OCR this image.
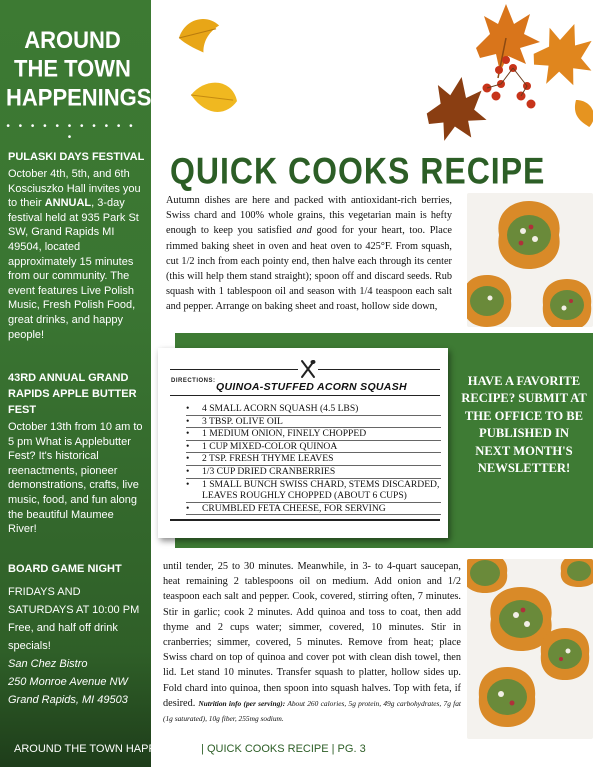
AROUND THE TOWN HAPPENINGS
• • • • • • • • • • • •
PULASKI DAYS FESTIVAL
October 4th, 5th, and 6th Kosciuszko Hall invites you to their ANNUAL, 3-day festival held at 935 Park St SW, Grand Rapids MI 49504, located approximately 15 minutes from our community. The event features Live Polish Music, Fresh Polish Food, great drinks, and happy people!
43RD ANNUAL GRAND RAPIDS APPLE BUTTER FEST
October 13th from 10 am to 5 pm What is Applebutter Fest? It's historical reenactments, pioneer demonstrations, crafts, live music, food, and fun along the beautiful Maumee River!
BOARD GAME NIGHT
FRIDAYS AND SATURDAYS AT 10:00 PM Free, and half off drink specials!
San Chez Bistro
250 Monroe Avenue NW
Grand Rapids, MI 49503
QUICK COOKS RECIPE
Autumn dishes are here and packed with antioxidant-rich berries, Swiss chard and 100% whole grains, this vegetarian main is hefty enough to keep you satisfied and good for your heart, too. Place rimmed baking sheet in oven and heat oven to 425°F. From squash, cut 1/2 inch from each pointy end, then halve each through its center (this will help them stand straight); spoon off and discard seeds. Rub squash with 1 tablespoon oil and season with 1/4 teaspoon each salt and pepper. Arrange on baking sheet and roast, hollow side down,
DIRECTIONS: QUINOA-STUFFED ACORN SQUASH
• 4 SMALL ACORN SQUASH (4.5 LBS)
• 3 TBSP. OLIVE OIL
• 1 MEDIUM ONION, FINELY CHOPPED
• 1 CUP MIXED-COLOR QUINOA
• 2 TSP. FRESH THYME LEAVES
• 1/3 CUP DRIED CRANBERRIES
• 1 SMALL BUNCH SWISS CHARD, STEMS DISCARDED, LEAVES ROUGHLY CHOPPED (ABOUT 6 CUPS)
• CRUMBLED FETA CHEESE, FOR SERVING
HAVE A FAVORITE RECIPE? SUBMIT AT THE OFFICE TO BE PUBLISHED IN NEXT MONTH'S NEWSLETTER!
until tender, 25 to 30 minutes. Meanwhile, in 3- to 4-quart saucepan, heat remaining 2 tablespoons oil on medium. Add onion and 1/2 teaspoon each salt and pepper. Cook, covered, stirring often, 7 minutes. Stir in garlic; cook 2 minutes. Add quinoa and toss to coat, then add thyme and 2 cups water; simmer, covered, 10 minutes. Stir in cranberries; simmer, covered, 5 minutes. Remove from heat; place Swiss chard on top of quinoa and cover pot with clean dish towel, then lid. Let stand 10 minutes. Transfer squash to platter, hollow sides up. Fold chard into quinoa, then spoon into squash halves. Top with feta, if desired. Nutrition info (per serving): About 260 calories, 5g protein, 49g carbohydrates, 7g fat (1g saturated), 10g fiber, 255mg sodium.
AROUND THE TOWN HAPPENINGS | QUICK COOKS RECIPE | PG. 3
